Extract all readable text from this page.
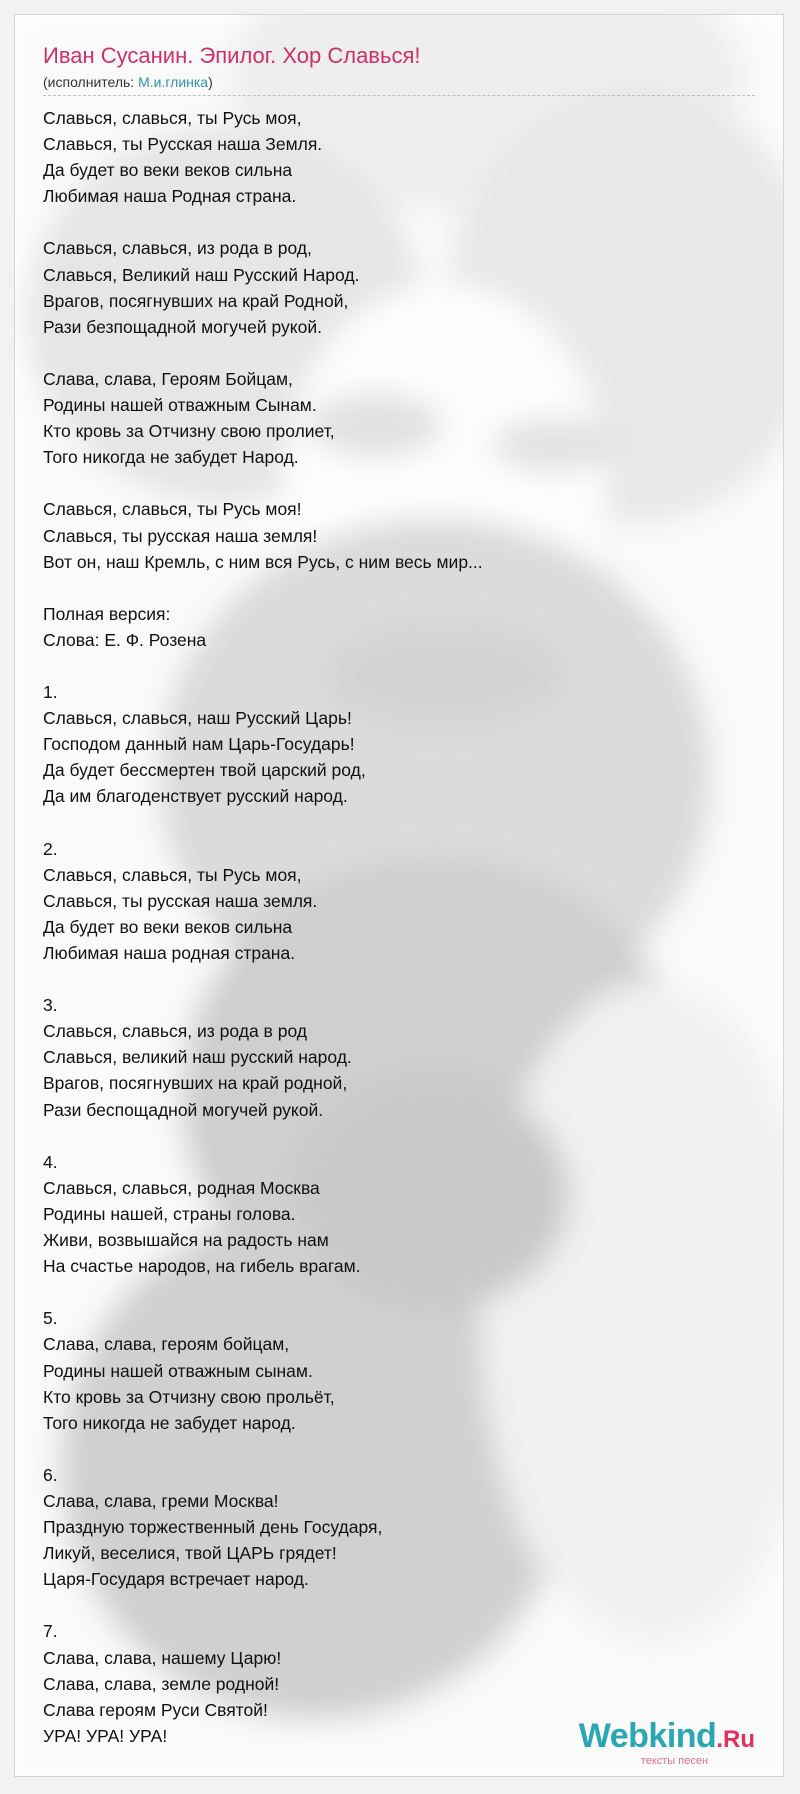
Иван Сусанин. Эпилог. Хор Славься!
(исполнитель: М.и.глинка)
Славься, славься, ты Русь моя,
Славься, ты Русская наша Земля.
Да будет во веки веков сильна
Любимая наша Родная страна.

Славься, славься, из рода в род,
Славься, Великий наш Русский Народ.
Врагов, посягнувших на край Родной,
Рази безпощадной могучей рукой.

Слава, слава, Героям Бойцам,
Родины нашей отважным Сынам.
Кто кровь за Отчизну свою пролиет,
Того никогда не забудет Народ.

Славься, славься, ты Русь моя!
Славься, ты русская наша земля!
Вот он, наш Кремль, с ним вся Русь, с ним весь мир...

Полная версия:
Слова: Е. Ф. Розена

1.
Славься, славься, наш Русский Царь!
Господом данный нам Царь-Государь!
Да будет бессмертен твой царский род,
Да им благоденствует русский народ.

2.
Славься, славься, ты Русь моя,
Славься, ты русская наша земля.
Да будет во веки веков сильна
Любимая наша родная страна.

3.
Славься, славься, из рода в род
Славься, великий наш русский народ.
Врагов, посягнувших на край родной,
Рази беспощадной могучей рукой.

4.
Славься, славься, родная Москва
Родины нашей, страны голова.
Живи, возвышайся на радость нам
На счастье народов, на гибель врагам.

5.
Слава, слава, героям бойцам,
Родины нашей отважным сынам.
Кто кровь за Отчизну свою прольёт,
Того никогда не забудет народ.

6.
Слава, слава, греми Москва!
Праздную торжественный день Государя,
Ликуй, веселися, твой ЦАРЬ грядет!
Царя-Государя встречает народ.

7.
Слава, слава, нашему Царю!
Слава, слава, земле родной!
Слава героям Руси Святой!
УРА! УРА! УРА!	Webkind.Ru
тексты песен
